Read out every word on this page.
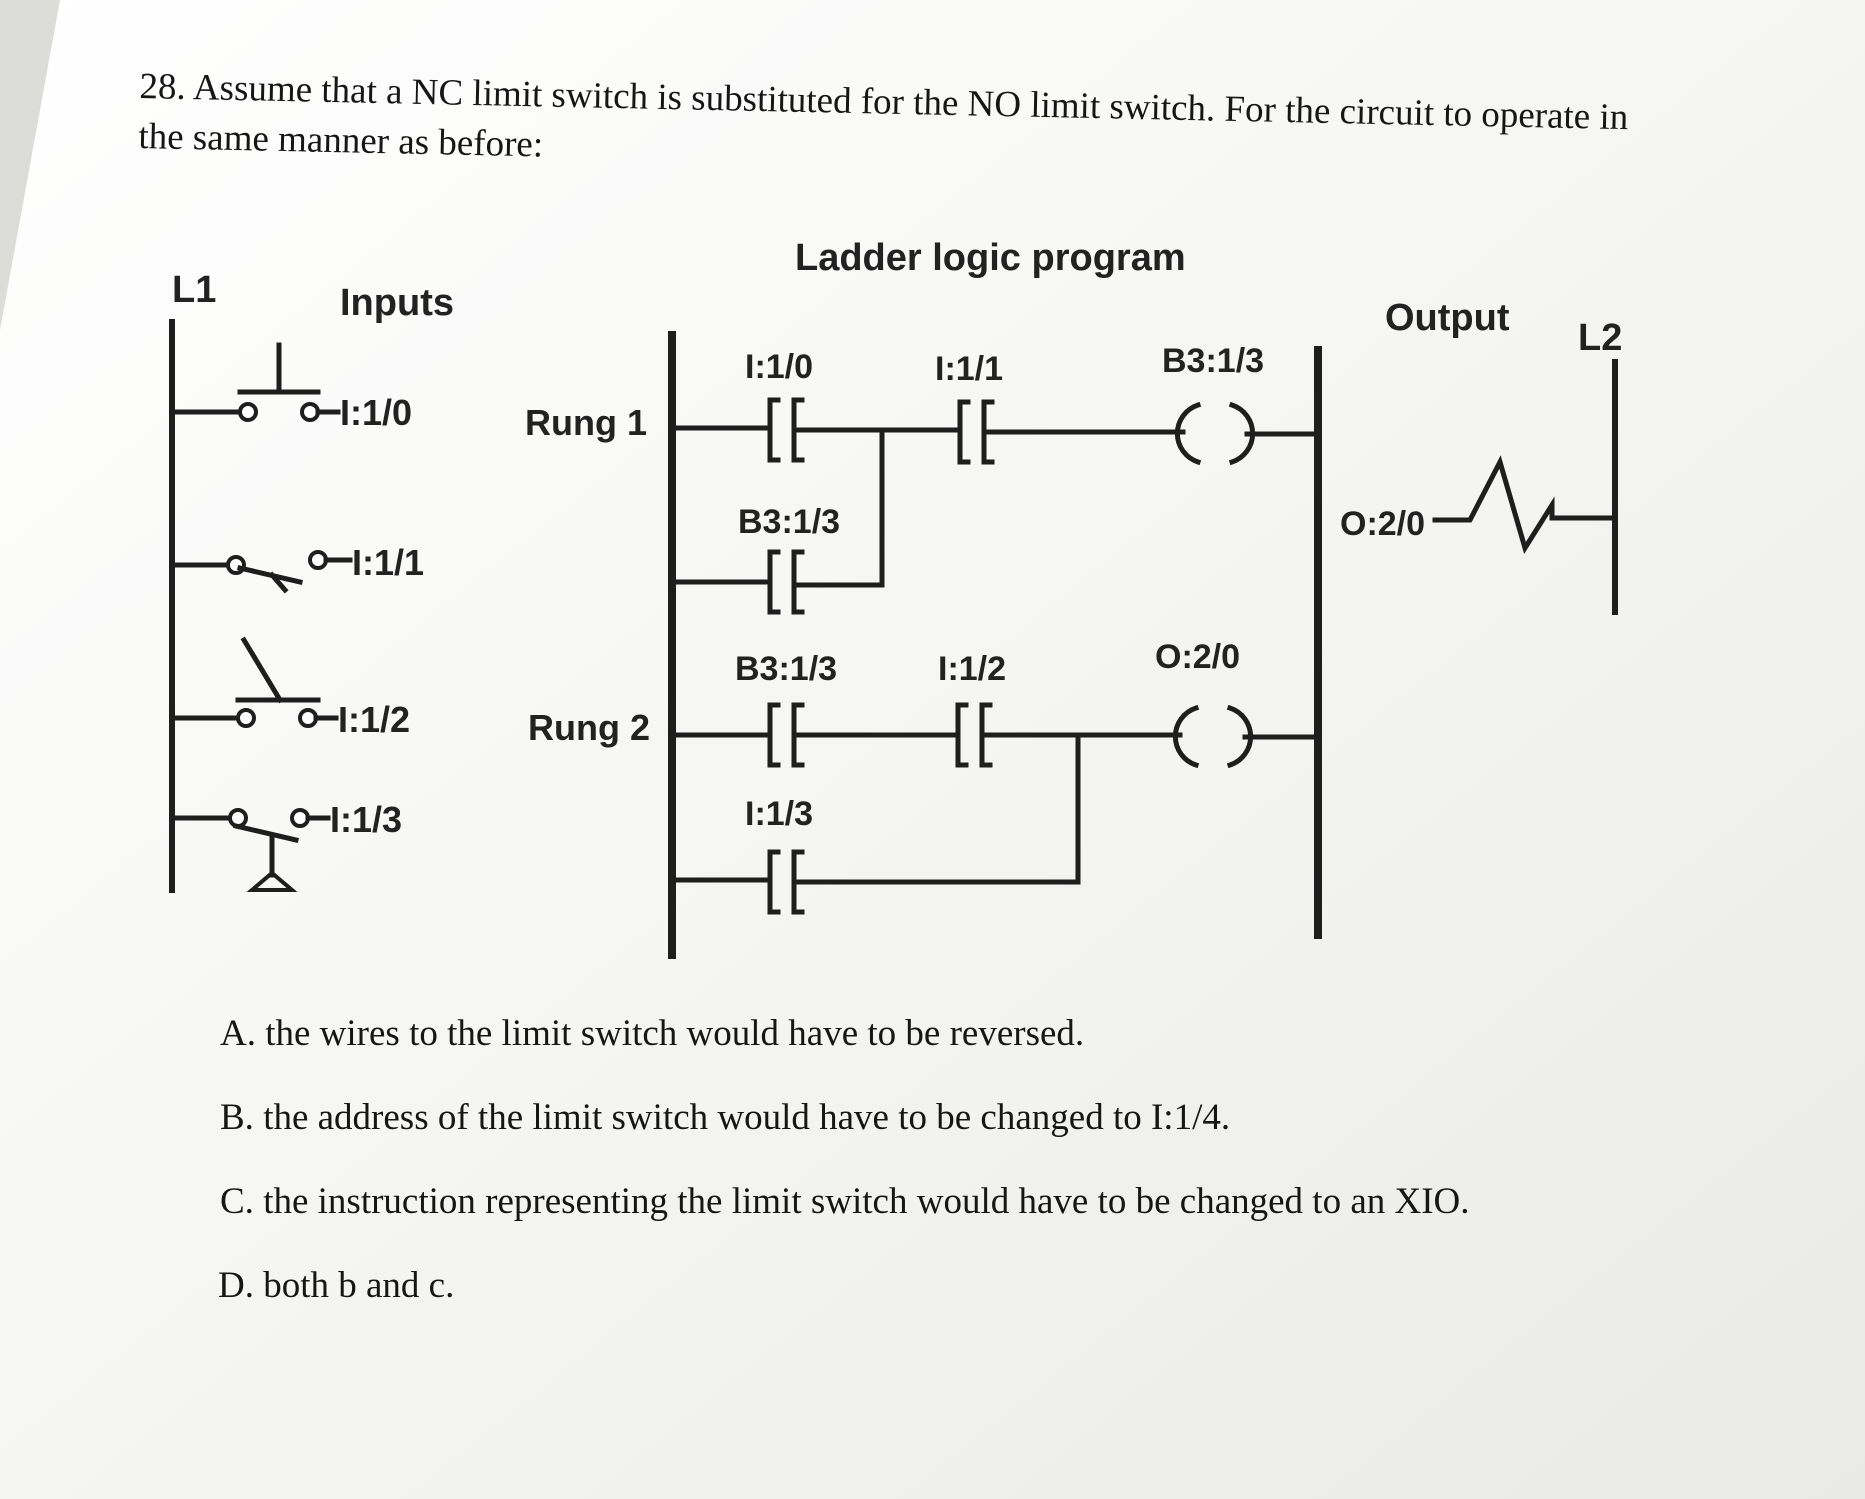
28. Assume that a NC limit switch is substituted for the NO limit switch. For the circuit to operate in the same manner as before:

Ladder logic program
L1	Inputs
I:1/0
I:1/1
I:1/2
I:1/3
Rung 1
I:1/0	I:1/1	B3:1/3
B3:1/3
Rung 2
B3:1/3	I:1/2	O:2/0
I:1/3
Output L2
O:2/0

A. the wires to the limit switch would have to be reversed.

B. the address of the limit switch would have to be changed to I:1/4.

C. the instruction representing the limit switch would have to be changed to an XIO.

D. both b and c.
